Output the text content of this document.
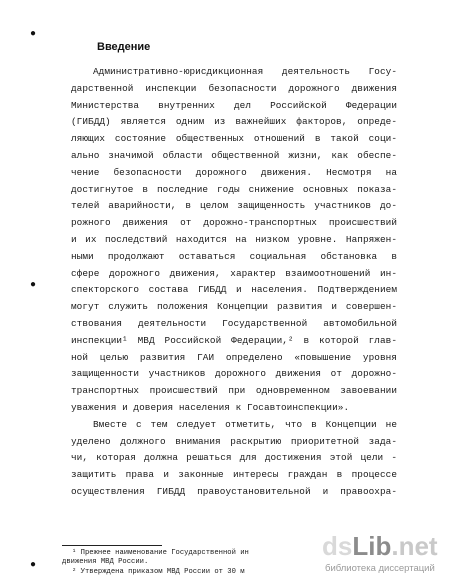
●
●
●
Введение
Административно-юрисдикционная деятельность Госу-
дарственной инспекции безопасности дорожного движения
Министерства внутренних дел Российской Федерации
(ГИБДД) является одним из важнейших факторов, опреде-
ляющих состояние общественных отношений в такой соци-
ально значимой области общественной жизни, как обеспе-
чение безопасности дорожного движения. Несмотря на
достигнутое в последние годы снижение основных показа-
телей аварийности, в целом защищенность участников до-
рожного движения от дорожно-транспортных происшествий
и их последствий находится на низком уровне. Напряжен-
ными продолжают оставаться социальная обстановка в
сфере дорожного движения, характер взаимоотношений ин-
спекторского состава ГИБДД и населения. Подтверждением
могут служить положения Концепции развития и совершен-
ствования деятельности Государственной автомобильной
инспекции¹ МВД Российской Федерации,² в которой глав-
ной целью развития ГАИ определено «повышение уровня
защищенности участников дорожного движения от дорожно-
транспортных происшествий при одновременном завоевании
уважения и доверия населения к Госавтоинспекции».
Вместе с тем следует отметить, что в Концепции не
уделено должного внимания раскрытию приоритетной зада-
чи, которая должна решаться для достижения этой цели -
защитить права и законные интересы граждан в процессе
осуществления ГИБДД правоустановительной и правоохра-
¹ Прежнее наименование Государственной ин
движения МВД России.
² Утверждена приказом МВД России от 30 м
dsLib.net
библиотека диссертаций
